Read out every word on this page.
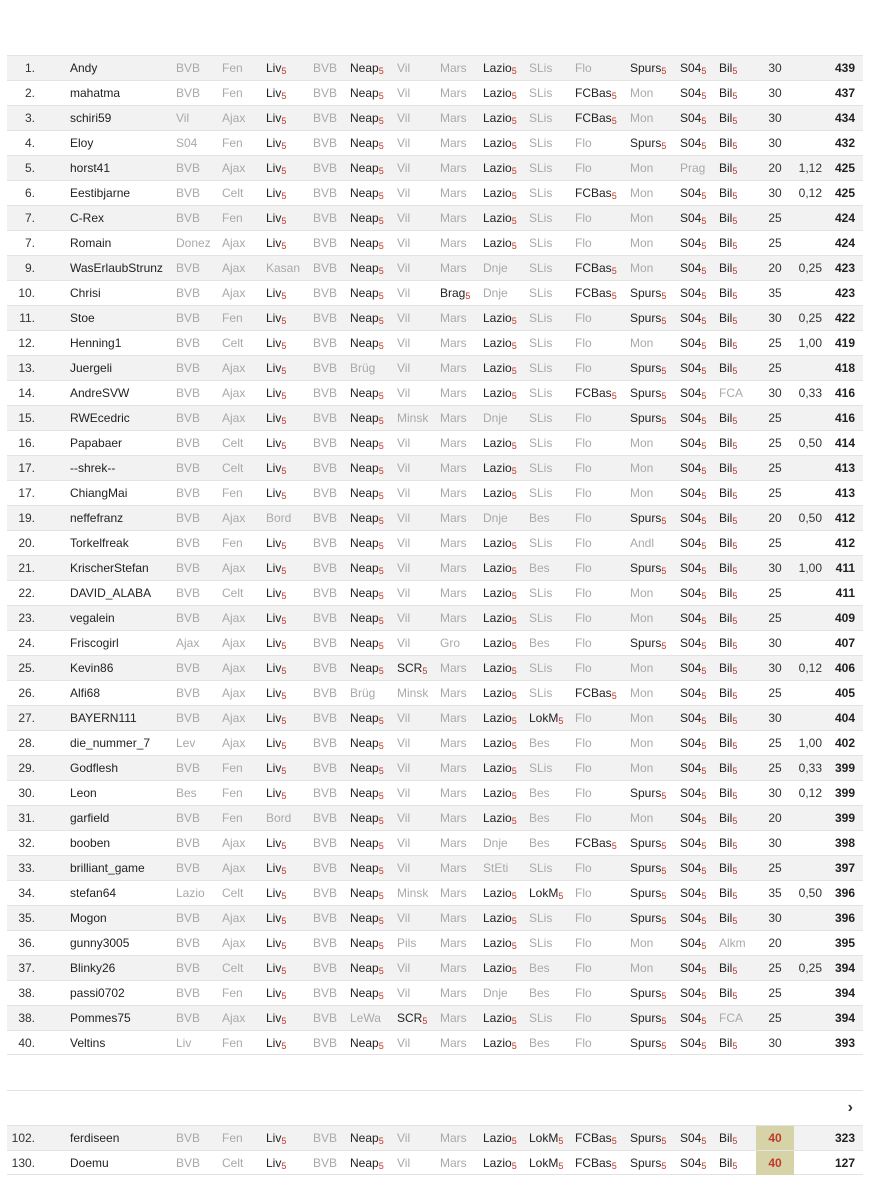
1.	Andy	BVB Fen Liv$_5$ BVB Neap$_5$ Vil Mars Lazio$_5$ SLis Flo	Spurs$_5$ $S04_5$ Bil$_5$	30	439
2.	mahatma	BVB Fen Liv$_5$ BVB Neap$_5$ Vil Mars Lazio$_5$ SLis FCBas$_5$ Mon $S04_5$ Bil$_5$	30	437
3.	schiri59	Vil	Ajax Liv$_5$ BVB Neap$_5$ Vil Mars Lazio$_5$ SLis FCBas$_5$ Mon $S04_5$ Bil$_5$	30	434
4.	Eloy	S04 Fen Liv$_5$ BVB Neap$_5$ Vil Mars Lazio$_5$ SLis Flo	Spurs$_5$ $S04_5$ Bil$_5$	30	432
5.	horst41	BVB Ajax Liv$_5$ BVB Neap$_5$ Vil Mars Lazio$_5$ SLis Flo	Mon Prag Bil$_5$	20	1,12	425
6.	Eestibjarne	BVB Celt Liv$_5$ BVB Neap$_5$ Vil Mars Lazio$_5$ SLis FCBas$_5$ Mon $S04_5$ Bil$_5$	30	0,12	425
7.	C-Rex	BVB Fen Liv$_5$ BVB Neap$_5$ Vil Mars Lazio$_5$ SLis Flo	Mon $S04_5$ Bil$_5$	25	424
7.	Romain	Donez Ajax Liv$_5$ BVB Neap$_5$ Vil Mars Lazio$_5$ SLis Flo	Mon $S04_5$ Bil$_5$	25	424
9.	WasErlaubStrunz	BVB Ajax Kasan BVB Neap$_5$ Vil Mars Dnje SLis FCBas$_5$ Mon $S04_5$ Bil$_5$	20	0,25	423
10.	Chrisi	BVB Ajax Liv$_5$ BVB Neap$_5$ Vil Brag$_5$ Dnje SLis FCBas$_5$ Spurs$_5$ $S04_5$ Bil$_5$	35	423
11.	Stoe	BVB Fen Liv$_5$ BVB Neap$_5$ Vil Mars Lazio$_5$ SLis Flo	Spurs$_5$ $S04_5$ Bil$_5$	30	0,25	422
12.	Henning1	BVB Celt Liv$_5$ BVB Neap$_5$ Vil Mars Lazio$_5$ SLis Flo	Mon $S04_5$ Bil$_5$	25	1,00	419
13.	Juergeli	BVB Ajax Liv$_5$ BVB Brüg Vil Mars Lazio$_5$ SLis Flo	Spurs$_5$ $S04_5$ Bil$_5$	25	418
14.	AndreSVW	BVB Ajax Liv$_5$ BVB Neap$_5$ Vil Mars Lazio$_5$ SLis FCBas$_5$ Spurs$_5$ $S04_5$ FCA	30	0,33	416
15.	RWEcedric	BVB Ajax Liv$_5$ BVB Neap$_5$ Minsk Mars Dnje SLis Flo	Spurs$_5$ $S04_5$ Bil$_5$	25	416
16.	Papabaer	BVB Celt Liv$_5$ BVB Neap$_5$ Vil Mars Lazio$_5$ SLis Flo	Mon $S04_5$ Bil$_5$	25	0,50	414
17.	--shrek--	BVB Celt Liv$_5$ BVB Neap$_5$ Vil Mars Lazio$_5$ SLis Flo	Mon $S04_5$ Bil$_5$	25	413
17.	ChiangMai	BVB Fen Liv$_5$ BVB Neap$_5$ Vil Mars Lazio$_5$ SLis Flo	Mon $S04_5$ Bil$_5$	25	413
19.	neffefranz	BVB Ajax Bord BVB Neap$_5$ Vil Mars Dnje Bes Flo	Spurs$_5$ $S04_5$ Bil$_5$	20	0,50	412
20.	Torkelfreak	BVB Fen Liv$_5$ BVB Neap$_5$ Vil Mars Lazio$_5$ SLis Flo	Andl $S04_5$ Bil$_5$	25	412
21.	KrischerStefan	BVB Ajax Liv$_5$ BVB Neap$_5$ Vil Mars Lazio$_5$ Bes Flo	Spurs$_5$ $S04_5$ Bil$_5$	30	1,00	411
22.	DAVID_ALABA	BVB Celt Liv$_5$ BVB Neap$_5$ Vil Mars Lazio$_5$ SLis Flo	Mon $S04_5$ Bil$_5$	25	411
23.	vegalein	BVB Ajax Liv$_5$ BVB Neap$_5$ Vil Mars Lazio$_5$ SLis Flo	Mon $S04_5$ Bil$_5$	25	409
24.	Friscogirl	Ajax Ajax Liv$_5$ BVB Neap$_5$ Vil Gro Lazio$_5$ Bes Flo	Spurs$_5$ $S04_5$ Bil$_5$	30	407
25.	Kevin86	BVB Ajax Liv$_5$ BVB Neap$_5$ $SCR_5$ Mars Lazio$_5$ SLis Flo	Mon $S04_5$ Bil$_5$	30	0,12	406
26.	Alfi68	BVB Ajax Liv$_5$ BVB Brüg Minsk Mars Lazio$_5$ SLis FCBas$_5$ Mon $S04_5$ Bil$_5$	25	405
27.	BAYERN111	BVB Ajax Liv$_5$ BVB Neap$_5$ Vil Mars Lazio$_5$ LokM$_5$ Flo	Mon $S04_5$ Bil$_5$	30	404
28.	die_nummer_7	Lev Ajax Liv$_5$ BVB Neap$_5$ Vil Mars Lazio$_5$ Bes Flo	Mon $S04_5$ Bil$_5$	25	1,00	402
29.	Godflesh	BVB Fen Liv$_5$ BVB Neap$_5$ Vil Mars Lazio$_5$ SLis Flo	Mon $S04_5$ Bil$_5$	25	0,33	399
30.	Leon	Bes Fen Liv$_5$ BVB Neap$_5$ Vil Mars Lazio$_5$ Bes Flo	Spurs$_5$ $S04_5$ Bil$_5$	30	0,12	399
31.	garfield	BVB Fen Bord BVB Neap$_5$ Vil Mars Lazio$_5$ Bes Flo	Mon $S04_5$ Bil$_5$	20	399
32.	booben	BVB Ajax Liv$_5$ BVB Neap$_5$ Vil Mars Dnje Bes FCBas$_5$ Spurs$_5$ $S04_5$ Bil$_5$	30	398
33.	brilliant_game	BVB Ajax Liv$_5$ BVB Neap$_5$ Vil Mars StEti SLis Flo	Spurs$_5$ $S04_5$ Bil$_5$	25	397
34.	stefan64	Lazio Celt Liv$_5$ BVB Neap$_5$ Minsk Mars Lazio$_5$ LokM$_5$ Flo	Spurs$_5$ $S04_5$ Bil$_5$	35	0,50	396
35.	Mogon	BVB Ajax Liv$_5$ BVB Neap$_5$ Vil Mars Lazio$_5$ SLis Flo	Spurs$_5$ $S04_5$ Bil$_5$	30	396
36.	gunny3005	BVB Ajax Liv$_5$ BVB Neap$_5$ Pils Mars Lazio$_5$ SLis Flo	Mon $S04_5$ Alkm	20	395
37.	Blinky26	BVB Celt Liv$_5$ BVB Neap$_5$ Vil Mars Lazio$_5$ Bes Flo	Mon $S04_5$ Bil$_5$	25	0,25	394
38.	passi0702	BVB Fen Liv$_5$ BVB Neap$_5$ Vil Mars Dnje Bes Flo	Spurs$_5$ $S04_5$ Bil$_5$	25	394
38.	Pommes75	BVB Ajax Liv$_5$ BVB LeWa $SCR_5$ Mars Lazio$_5$ SLis Flo	Spurs$_5$ $S04_5$ FCA	25	394
40.	Veltins	Liv	Fen Liv$_5$ BVB Neap$_5$ Vil Mars Lazio$_5$ Bes Flo	Spurs$_5$ $S04_5$ Bil$_5$	30	393
›
102.	ferdiseen	BVB Fen Liv$_5$ BVB Neap$_5$ Vil Mars Lazio$_5$ LokM$_5$ FCBas$_5$ Spurs$_5$ $S04_5$ Bil$_5$	40	323
130.	Doemu	BVB Celt Liv$_5$ BVB Neap$_5$ Vil Mars Lazio$_5$ LokM$_5$ FCBas$_5$ Spurs$_5$ $S04_5$ Bil$_5$	40	127
